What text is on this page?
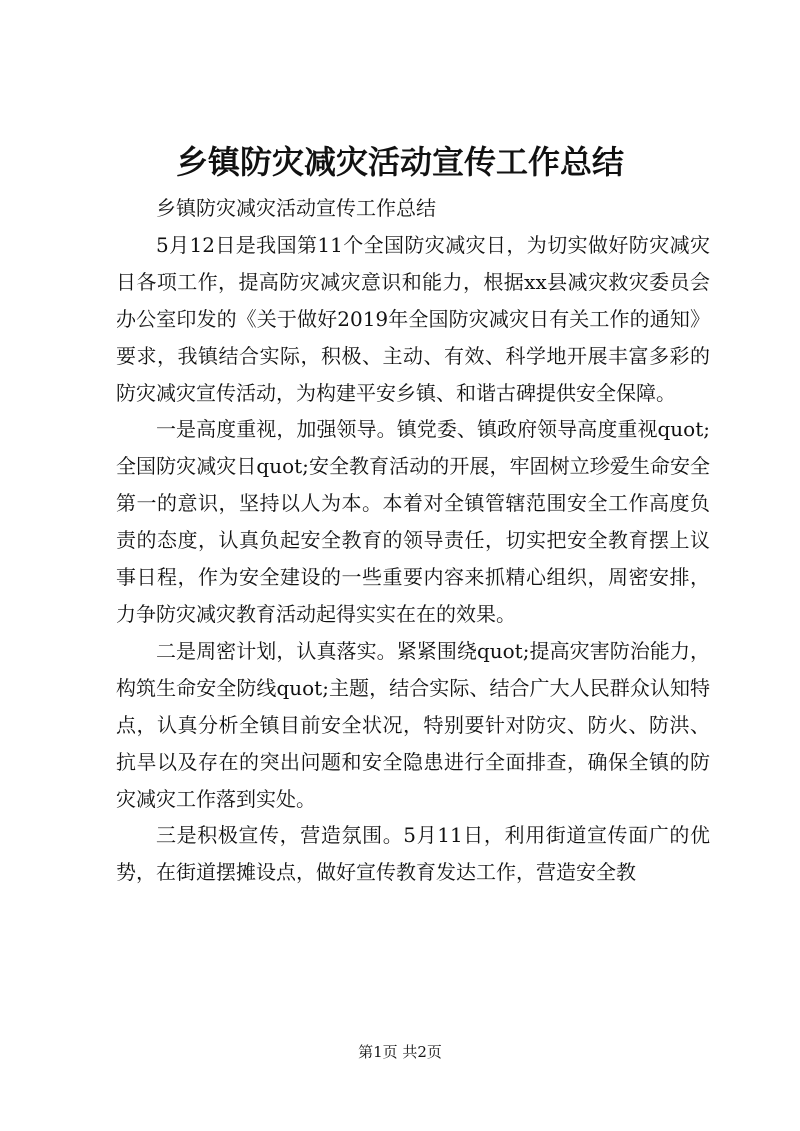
乡镇防灾减灾活动宣传工作总结

乡镇防灾减灾活动宣传工作总结

5月12日是我国第11个全国防灾减灾日，为切实做好防灾减灾日各项工作，提高防灾减灾意识和能力，根据xx县减灾救灾委员会办公室印发的《关于做好2019年全国防灾减灾日有关工作的通知》要求，我镇结合实际，积极、主动、有效、科学地开展丰富多彩的防灾减灾宣传活动，为构建平安乡镇、和谐古碑提供安全保障。

一是高度重视，加强领导。镇党委、镇政府领导高度重视quot;全国防灾减灾日quot;安全教育活动的开展，牢固树立珍爱生命安全第一的意识，坚持以人为本。本着对全镇管辖范围安全工作高度负责的态度，认真负起安全教育的领导责任，切实把安全教育摆上议事日程，作为安全建设的一些重要内容来抓精心组织，周密安排，力争防灾减灾教育活动起得实实在在的效果。

二是周密计划，认真落实。紧紧围绕quot;提高灾害防治能力，构筑生命安全防线quot;主题，结合实际、结合广大人民群众认知特点，认真分析全镇目前安全状况，特别要针对防灾、防火、防洪、抗旱以及存在的突出问题和安全隐患进行全面排查，确保全镇的防灾减灾工作落到实处。

三是积极宣传，营造氛围。5月11日，利用街道宣传面广的优势，在街道摆摊设点，做好宣传教育发达工作，营造安全教

第1页 共2页
